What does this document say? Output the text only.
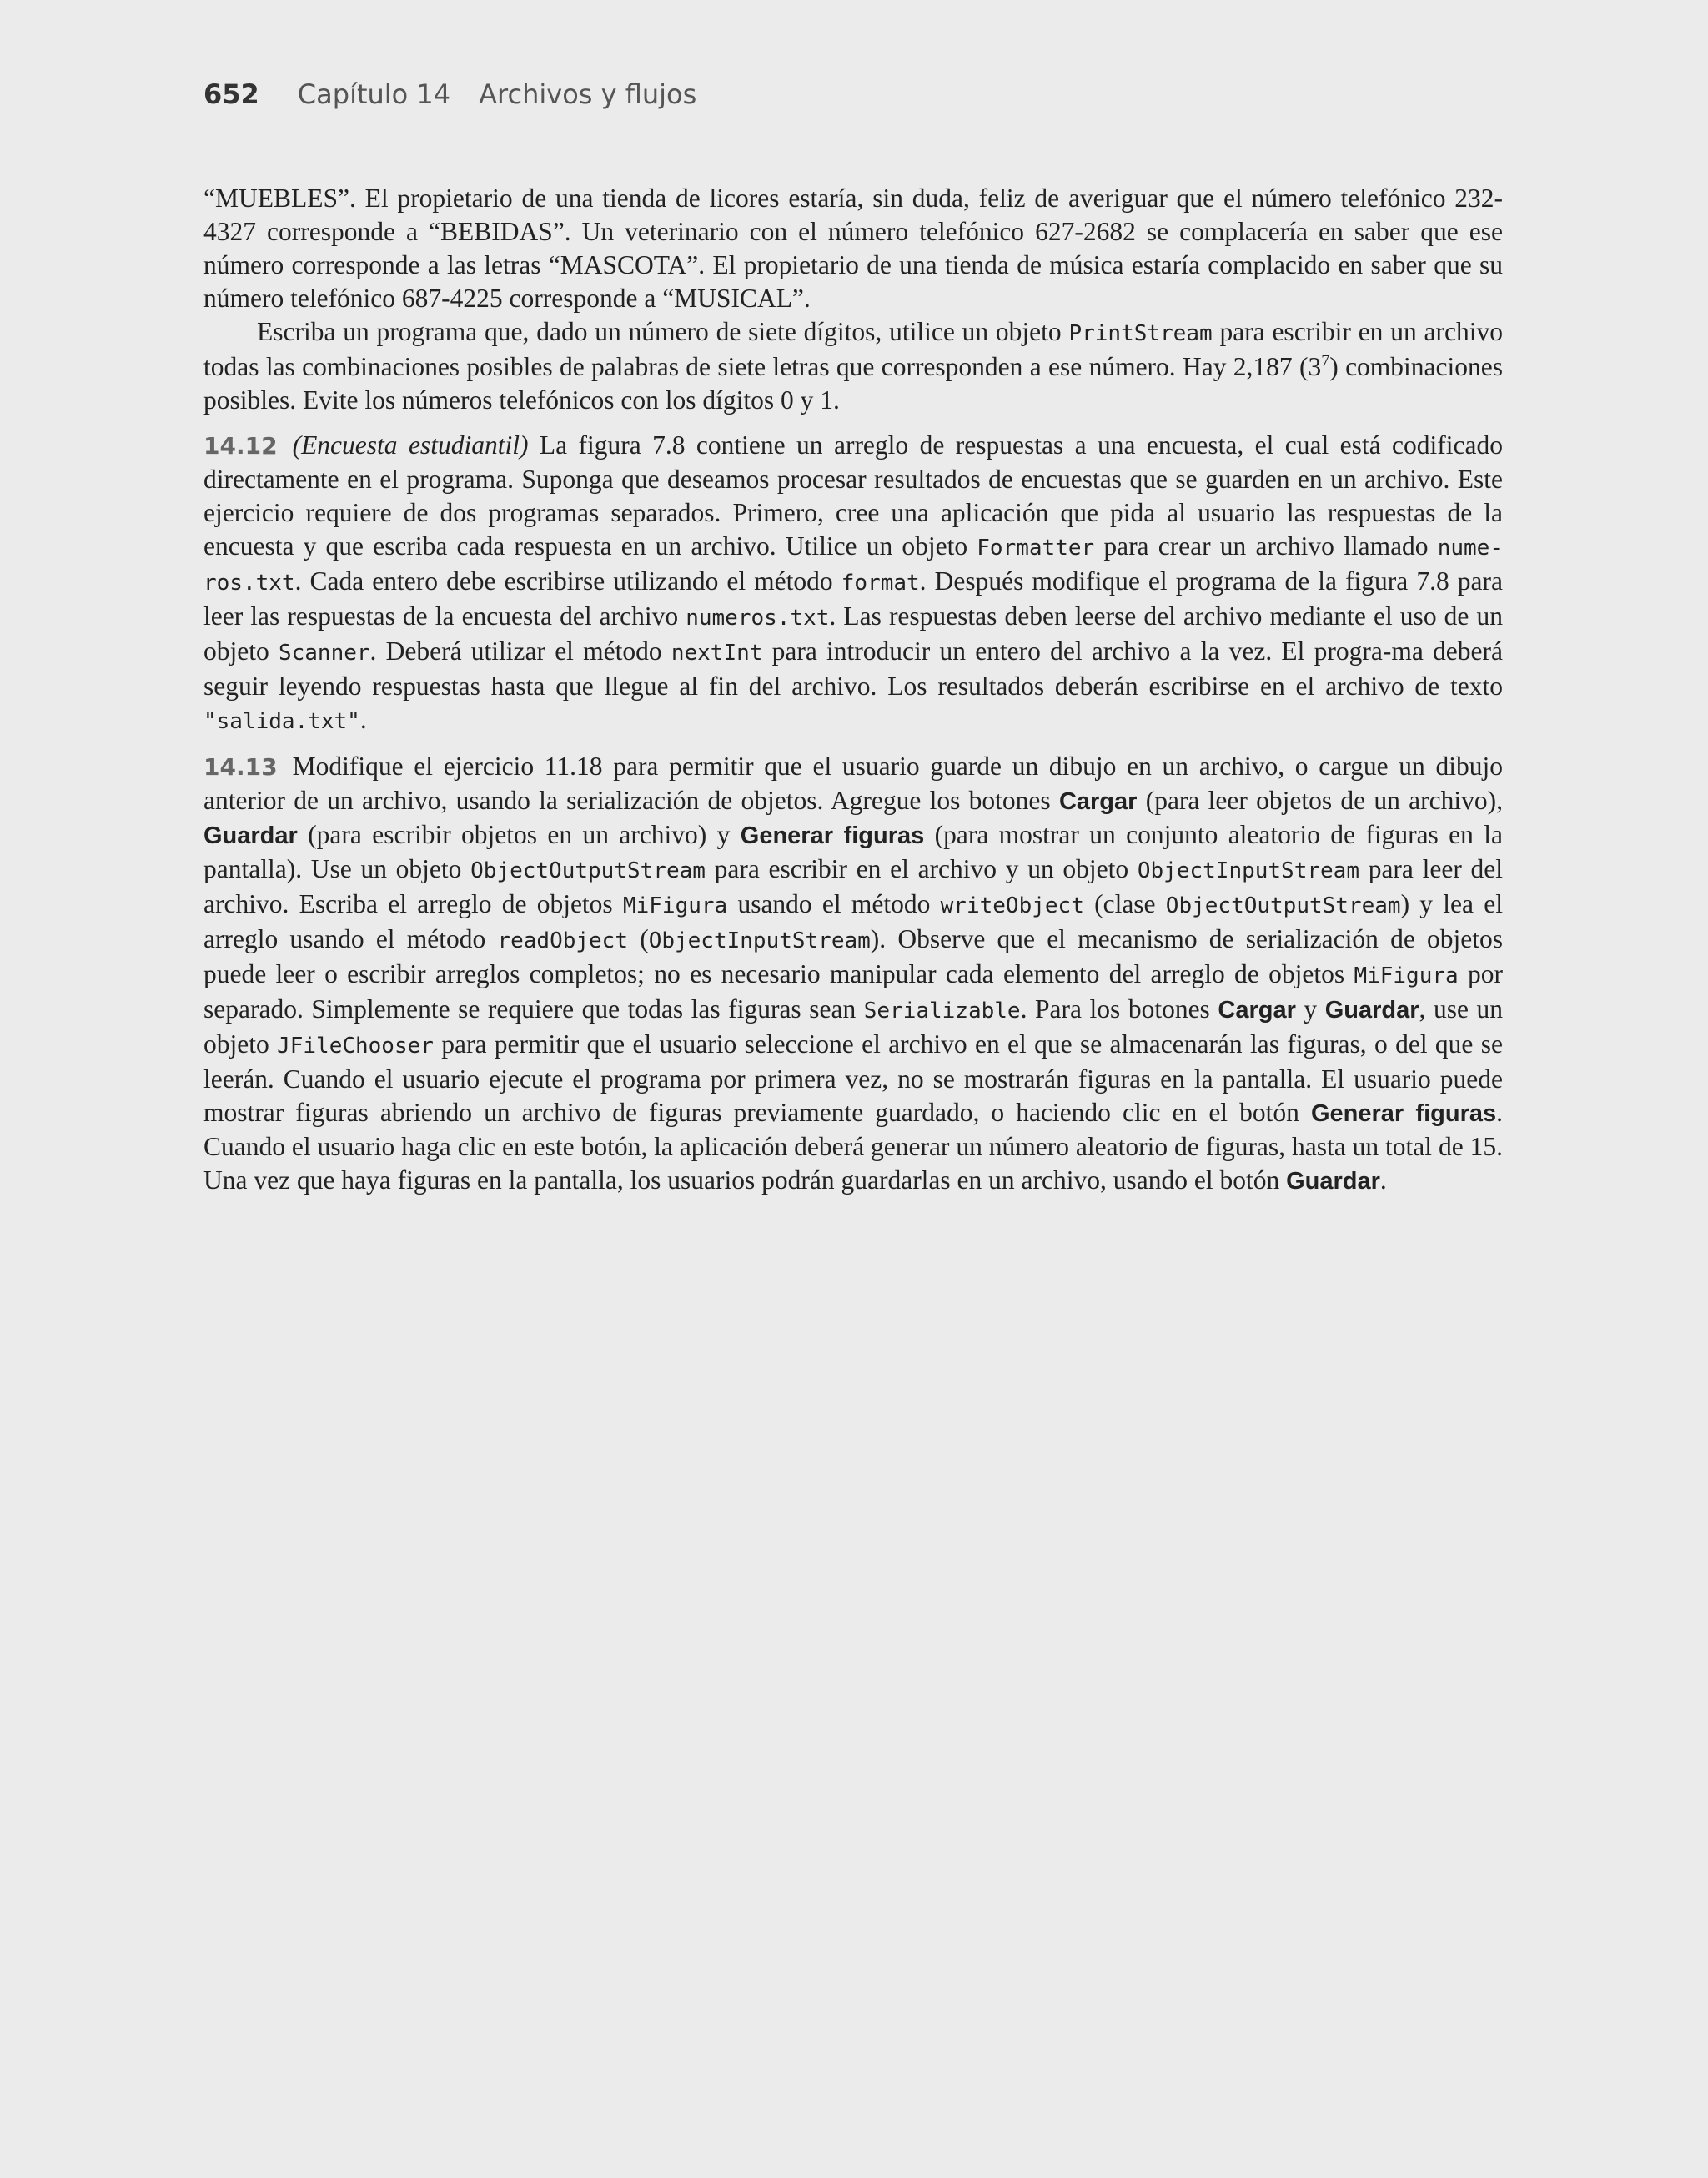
652 Capítulo 14 Archivos y flujos

“MUEBLES”. El propietario de una tienda de licores estaría, sin duda, feliz de averiguar que el número telefónico 232-4327 corresponde a “BEBIDAS”. Un veterinario con el número telefónico 627-2682 se complacería en saber que ese número corresponde a las letras “MASCOTA”. El propietario de una tienda de música estaría complacido en saber que su número telefónico 687-4225 corresponde a “MUSICAL”.

Escriba un programa que, dado un número de siete dígitos, utilice un objeto PrintStream para escribir en un archivo todas las combinaciones posibles de palabras de siete letras que corresponden a ese número. Hay 2,187 $(3^7)$ combinaciones posibles. Evite los números telefónicos con los dígitos 0 y 1.

14.12 (Encuesta estudiantil) La figura 7.8 contiene un arreglo de respuestas a una encuesta, el cual está codificado directamente en el programa. Suponga que deseamos procesar resultados de encuestas que se guarden en un archivo. Este ejercicio requiere de dos programas separados. Primero, cree una aplicación que pida al usuario las respuestas de la encuesta y que escriba cada respuesta en un archivo. Utilice un objeto Formatter para crear un archivo llamado nume-ros.txt. Cada entero debe escribirse utilizando el método format. Después modifique el programa de la figura 7.8 para leer las respuestas de la encuesta del archivo numeros.txt. Las respuestas deben leerse del archivo mediante el uso de un objeto Scanner. Deberá utilizar el método nextInt para introducir un entero del archivo a la vez. El progra-ma deberá seguir leyendo respuestas hasta que llegue al fin del archivo. Los resultados deberán escribirse en el archivo de texto "salida.txt".

14.13 Modifique el ejercicio 11.18 para permitir que el usuario guarde un dibujo en un archivo, o cargue un dibujo anterior de un archivo, usando la serialización de objetos. Agregue los botones Cargar (para leer objetos de un archivo), Guardar (para escribir objetos en un archivo) y Generar figuras (para mostrar un conjunto aleatorio de figuras en la pantalla). Use un objeto ObjectOutputStream para escribir en el archivo y un objeto ObjectInputStream para leer del archivo. Escriba el arreglo de objetos MiFigura usando el método writeObject (clase ObjectOutputStream) y lea el arreglo usando el método readObject (ObjectInputStream). Observe que el mecanismo de serialización de objetos puede leer o escribir arreglos completos; no es necesario manipular cada elemento del arreglo de objetos MiFigura por separado. Simplemente se requiere que todas las figuras sean Serializable. Para los botones Cargar y Guardar, use un objeto JFileChooser para permitir que el usuario seleccione el archivo en el que se almacenarán las figuras, o del que se leerán. Cuando el usuario ejecute el programa por primera vez, no se mostrarán figuras en la pantalla. El usuario puede mostrar figuras abriendo un archivo de figuras previamente guardado, o haciendo clic en el botón Generar figuras. Cuando el usuario haga clic en este botón, la aplicación deberá generar un número aleatorio de figuras, hasta un total de 15. Una vez que haya figuras en la pantalla, los usuarios podrán guardarlas en un archivo, usando el botón Guardar.
